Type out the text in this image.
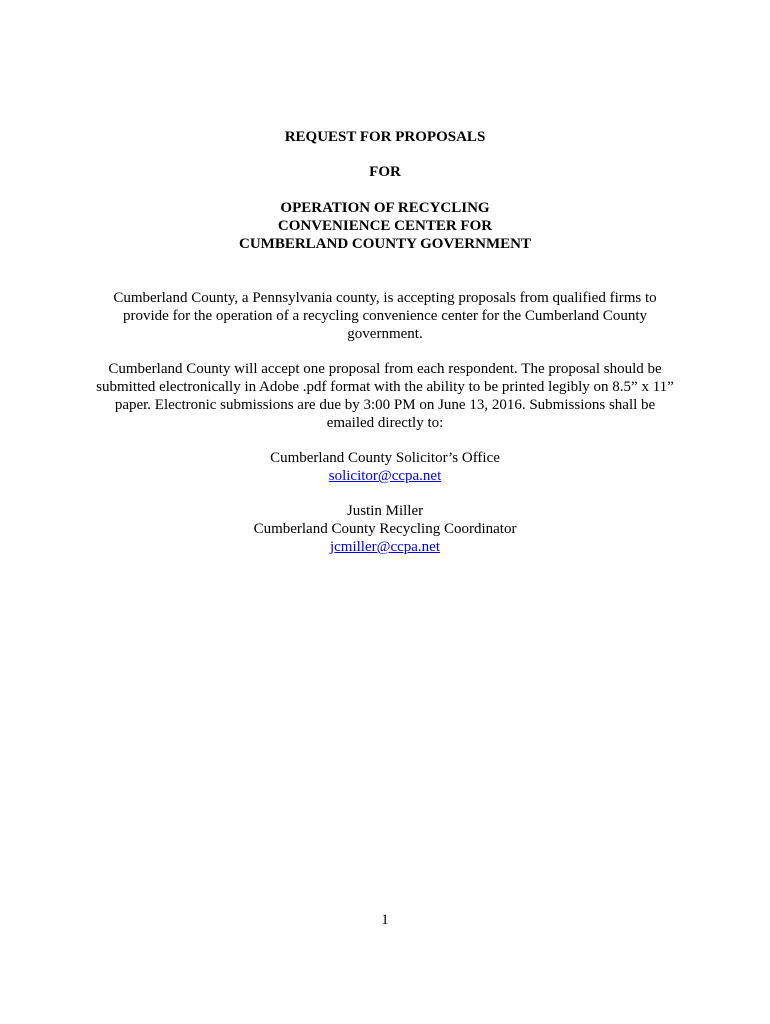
REQUEST FOR PROPOSALS
FOR
OPERATION OF RECYCLING
CONVENIENCE CENTER FOR
CUMBERLAND COUNTY GOVERNMENT
Cumberland County, a Pennsylvania county, is accepting proposals from qualified firms to
provide for the operation of a recycling convenience center for the Cumberland County
government.
Cumberland County will accept one proposal from each respondent. The proposal should be
submitted electronically in Adobe .pdf format with the ability to be printed legibly on 8.5” x 11”
paper. Electronic submissions are due by 3:00 PM on June 13, 2016. Submissions shall be
emailed directly to:
Cumberland County Solicitor’s Office
solicitor@ccpa.net
Justin Miller
Cumberland County Recycling Coordinator
jcmiller@ccpa.net
1
